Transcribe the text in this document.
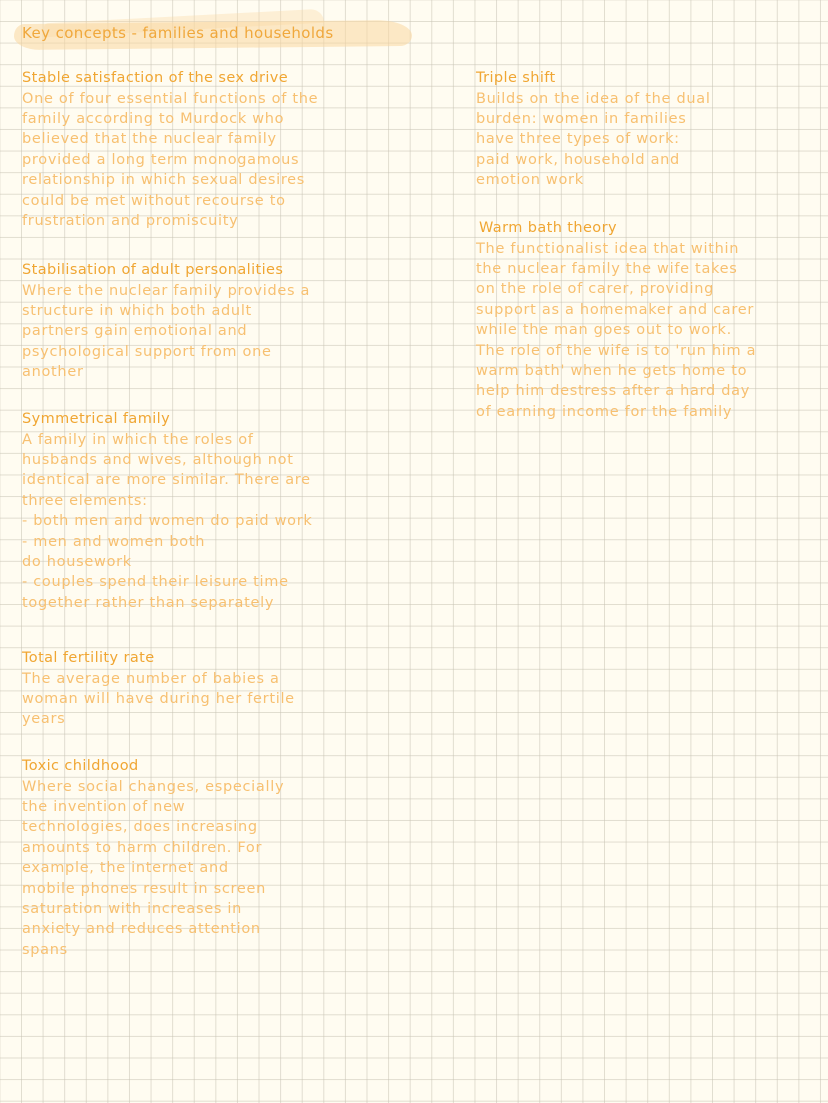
Key concepts - families and households
Stable satisfaction of the sex drive
One of four essential functions of the
family according to Murdock who
believed that the nuclear family
provided a long term monogamous
relationship in which sexual desires
could be met without recourse to
frustration and promiscuity
Stabilisation of adult personalities
Where the nuclear family provides a
structure in which both adult
partners gain emotional and
psychological support from one
another
Symmetrical family
A family in which the roles of
husbands and wives, although not
identical are more similar. There are
three elements:
- both men and women do paid work
- men and women both
do housework
- couples spend their leisure time
together rather than separately
Total fertility rate
The average number of babies a
woman will have during her fertile
years
Toxic childhood
Where social changes, especially
the invention of new
technologies, does increasing
amounts to harm children. For
example, the internet and
mobile phones result in screen
saturation with increases in
anxiety and reduces attention
spans
Triple shift
Builds on the idea of the dual
burden: women in families
have three types of work:
paid work, household and
emotion work
Warm bath theory
The functionalist idea that within
the nuclear family the wife takes
on the role of carer, providing
support as a homemaker and carer
while the man goes out to work.
The role of the wife is to 'run him a
warm bath' when he gets home to
help him destress after a hard day
of earning income for the family
